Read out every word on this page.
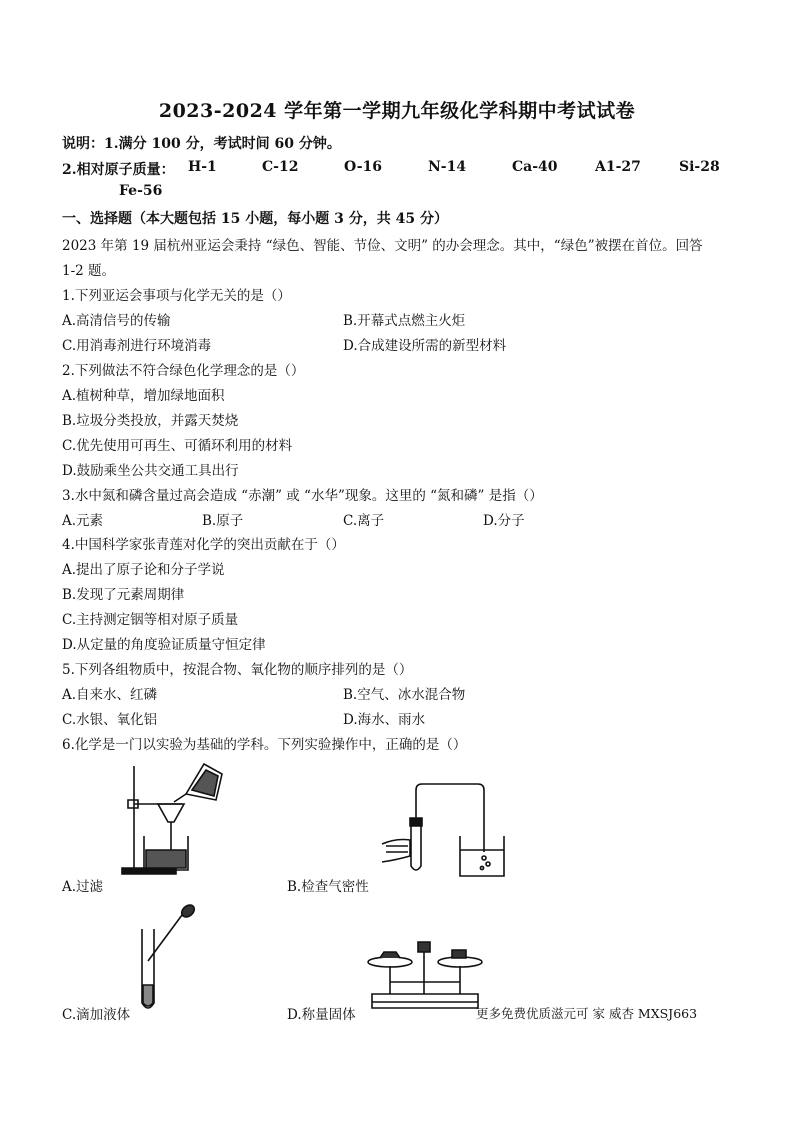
2023-2024 学年第一学期九年级化学科期中考试试卷
说明：1.满分 100 分，考试时间 60 分钟。
2.相对原子质量： H-1	C-12	O-16	N-14	Ca-40	A1-27	Si-28
Fe-56
一、选择题（本大题包括 15 小题，每小题 3 分，共 45 分）
2023 年第 19 届杭州亚运会秉持 “绿色、智能、节俭、文明” 的办会理念。其中，“绿色”被摆在首位。回答
1-2 题。
1.下列亚运会事项与化学无关的是（）
A.高清信号的传输	B.开幕式点燃主火炬
C.用消毒剂进行环境消毒	D.合成建设所需的新型材料
2.下列做法不符合绿色化学理念的是（）
A.植树种草，增加绿地面积
B.垃圾分类投放，并露天焚烧
C.优先使用可再生、可循环利用的材料
D.鼓励乘坐公共交通工具出行
3.水中氮和磷含量过高会造成 “赤潮” 或 “水华”现象。这里的 “氮和磷” 是指（）
A.元素	B.原子	C.离子	D.分子
4.中国科学家张青莲对化学的突出贡献在于（）
A.提出了原子论和分子学说
B.发现了元素周期律
C.主持测定铟等相对原子质量
D.从定量的角度验证质量守恒定律
5.下列各组物质中，按混合物、氧化物的顺序排列的是（）
A.自来水、红磷	B.空气、冰水混合物
C.水银、氧化铝	D.海水、雨水
6.化学是一门以实验为基础的学科。下列实验操作中，正确的是（）
A.过滤	B.检查气密性
C.滴加液体	D.称量固体	更多免费优质滋元可 家 威杏 MXSJ663
